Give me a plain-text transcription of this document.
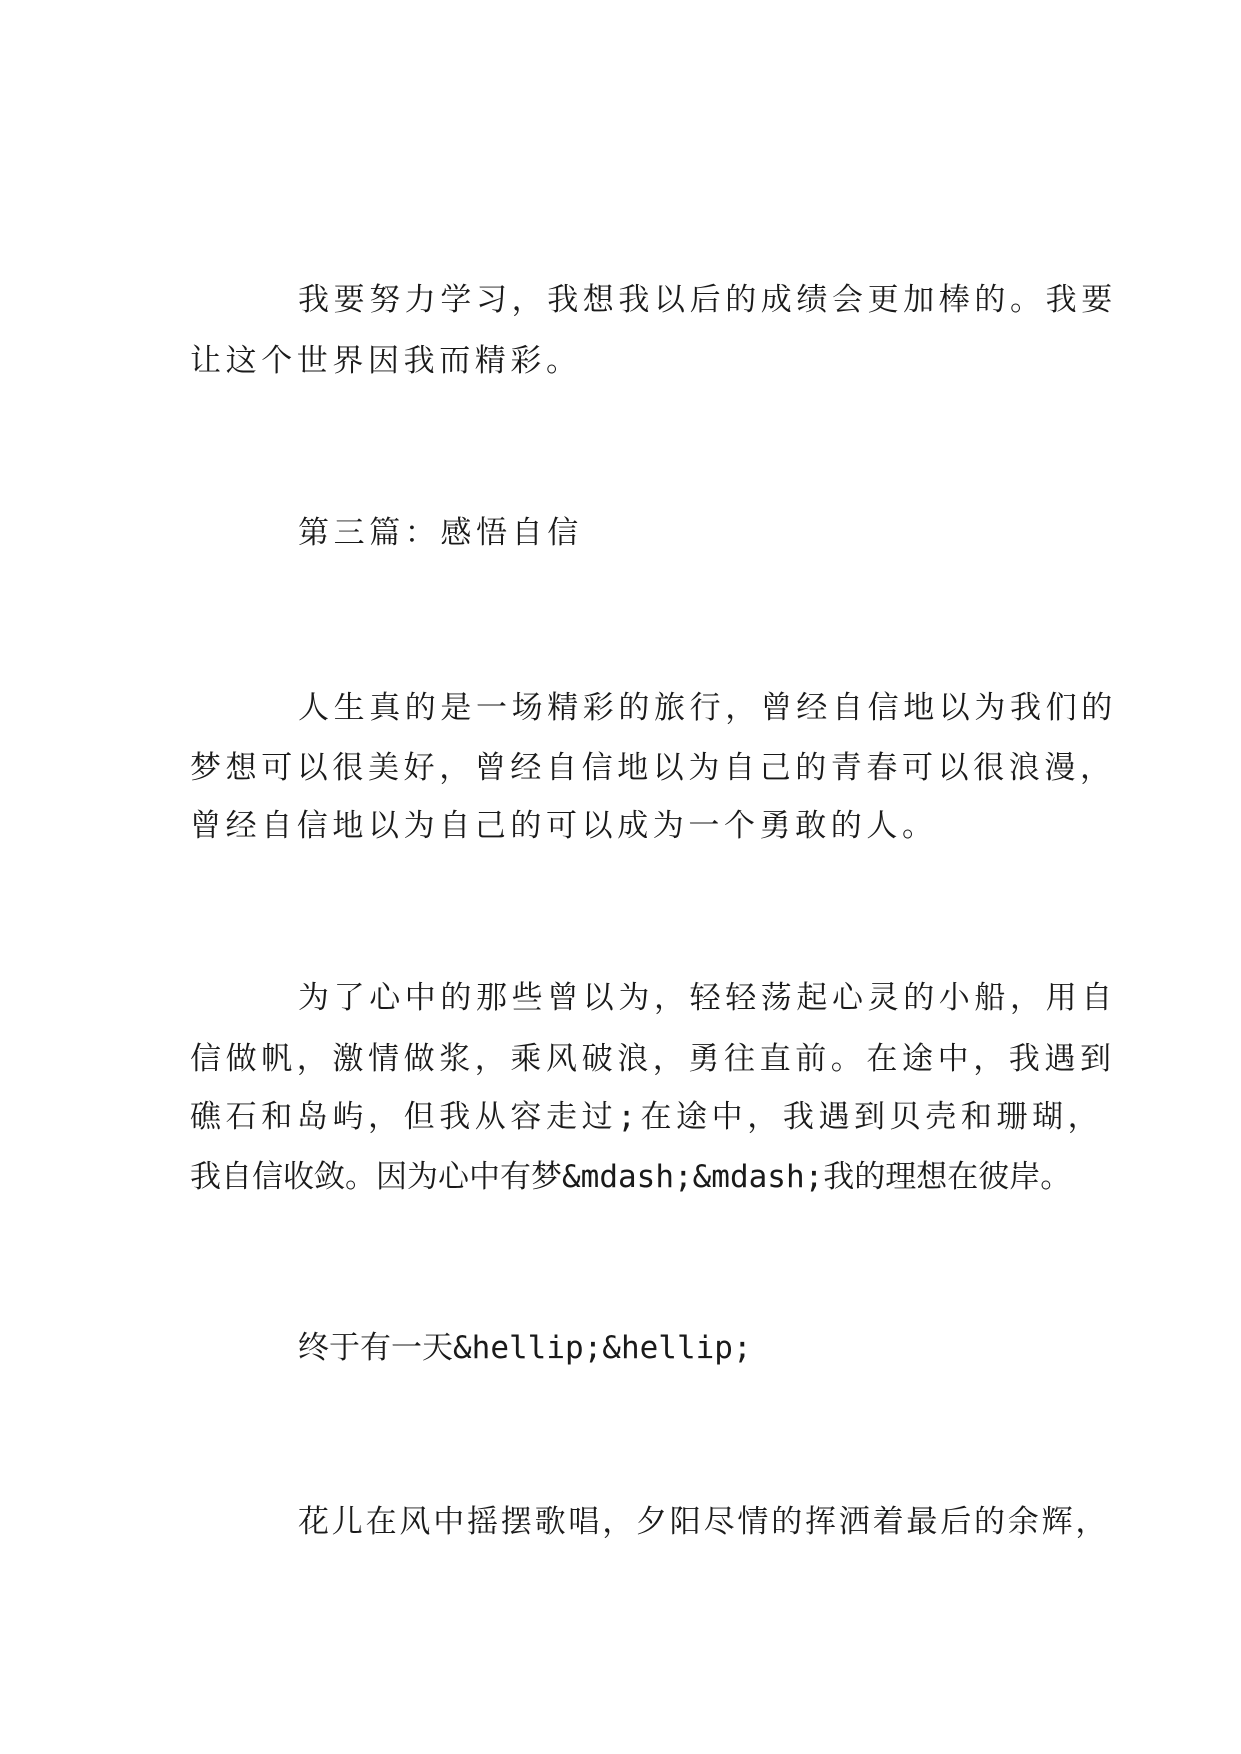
我要努力学习，我想我以后的成绩会更加棒的。我要
让这个世界因我而精彩。
第三篇：感悟自信
人生真的是一场精彩的旅行，曾经自信地以为我们的
梦想可以很美好，曾经自信地以为自己的青春可以很浪漫，
曾经自信地以为自己的可以成为一个勇敢的人。
为了心中的那些曾以为，轻轻荡起心灵的小船，用自
信做帆，激情做浆，乘风破浪，勇往直前。在途中，我遇到
礁石和岛屿，但我从容走过;在途中，我遇到贝壳和珊瑚，
我自信收敛。因为心中有梦&mdash;&mdash;我的理想在彼岸。
终于有一天&hellip;&hellip;
花儿在风中摇摆歌唱，夕阳尽情的挥洒着最后的余辉，
